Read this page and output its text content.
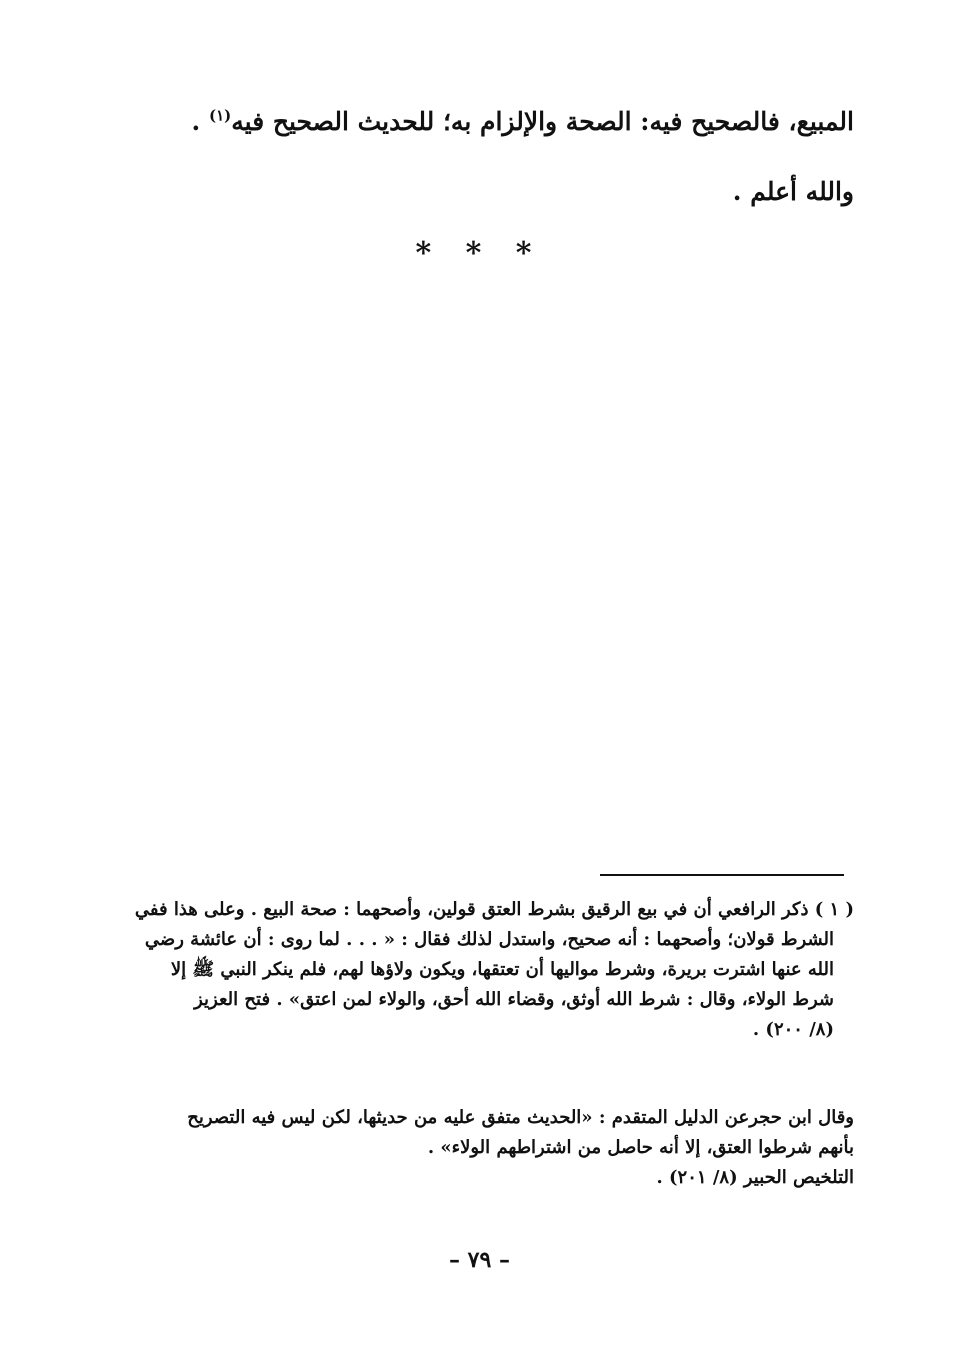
المبيع، فالصحيح فيه: الصحة والإلزام به؛ للحديث الصحيح فيه$^{(١)}$ .
والله أعلم .
* * *
( ١ ) ذكر الرافعي أن في بيع الرقيق بشرط العتق قولين، وأصحهما : صحة البيع . وعلى هذا ففي
الشرط قولان؛ وأصحهما : أنه صحيح، واستدل لذلك فقال : « . . . لما روى : أن عائشة رضي
الله عنها اشترت بريرة، وشرط مواليها أن تعتقها، ويكون ولاؤها لهم، فلم ينكر النبي ﷺ إلا
شرط الولاء، وقال : شرط الله أوثق، وقضاء الله أحق، والولاء لمن اعتق» . فتح العزيز
(٨/ ٢٠٠) .
وقال ابن حجرعن الدليل المتقدم : «الحديث متفق عليه من حديثها، لكن ليس فيه التصريح
بأنهم شرطوا العتق، إلا أنه حاصل من اشتراطهم الولاء» .
التلخيص الحبير (٨/ ٢٠١) .
– ٧٩ –
